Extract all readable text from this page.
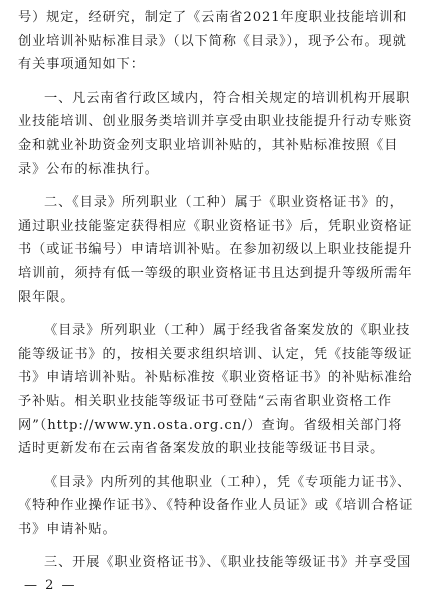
号）规定，经研究，制定了《云南省2021年度职业技能培训和
创业培训补贴标准目录》（以下简称《目录》），现予公布。现就
有关事项通知如下：
一、凡云南省行政区域内，符合相关规定的培训机构开展职
业技能培训、创业服务类培训并享受由职业技能提升行动专账资
金和就业补助资金列支职业培训补贴的，其补贴标准按照《目
录》公布的标准执行。
二、《目录》所列职业（工种）属于《职业资格证书》的，
通过职业技能鉴定获得相应《职业资格证书》后，凭职业资格证
书（或证书编号）申请培训补贴。在参加初级以上职业技能提升
培训前，须持有低一等级的职业资格证书且达到提升等级所需年
限年限。
《目录》所列职业（工种）属于经我省备案发放的《职业技
能等级证书》的，按相关要求组织培训、认定，凭《技能等级证
书》申请培训补贴。补贴标准按《职业资格证书》的补贴标准给
予补贴。相关职业技能等级证书可登陆“云南省职业资格工作
网”（http://www.yn.osta.org.cn/）查询。省级相关部门将
适时更新发布在云南省备案发放的职业技能等级证书目录。
《目录》内所列的其他职业（工种），凭《专项能力证书》、
《特种作业操作证书》、《特种设备作业人员证》或《培训合格证
书》申请补贴。
三、开展《职业资格证书》、《职业技能等级证书》并享受国
— 2 —
